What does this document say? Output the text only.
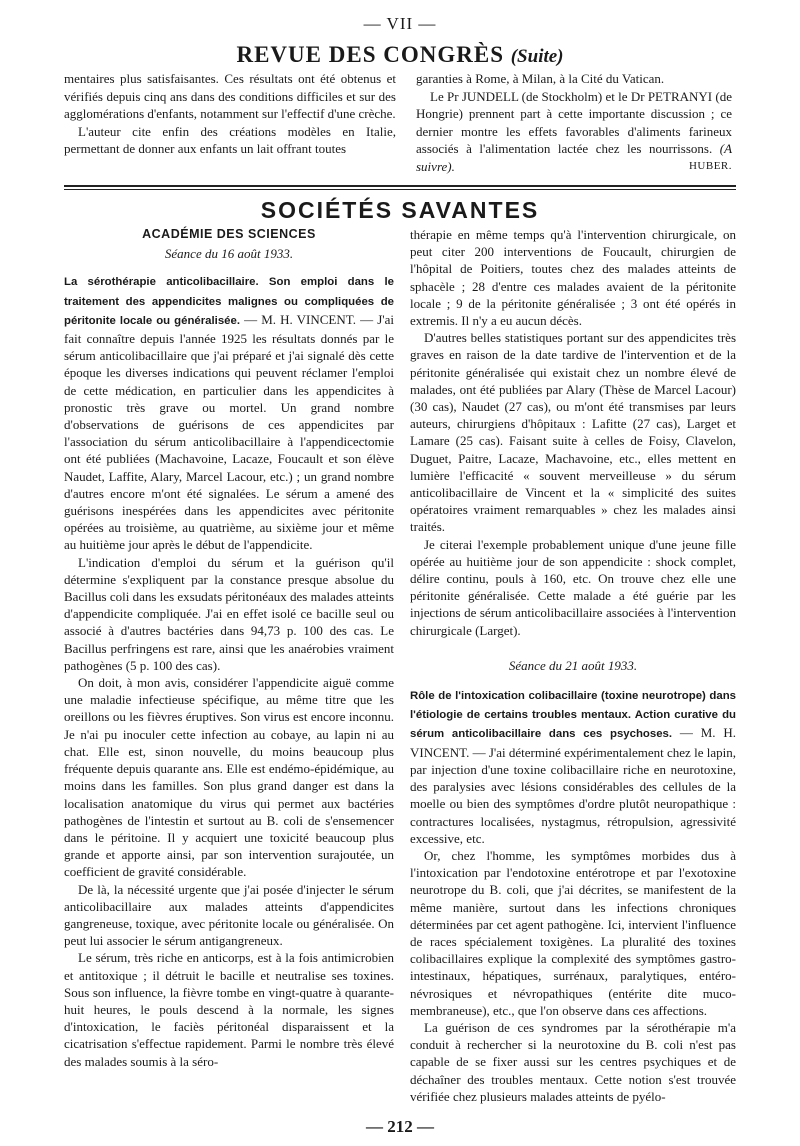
— VII —
REVUE DES CONGRÈS (Suite)

mentaires plus satisfaisantes. Ces résultats ont été obtenus et vérifiés depuis cinq ans dans des conditions difficiles et sur des agglomérations d'enfants, notamment sur l'effectif d'une crèche.

L'auteur cite enfin des créations modèles en Italie, permettant de donner aux enfants un lait offrant toutes

garanties à Rome, à Milan, à la Cité du Vatican.

Le Pr JUNDELL (de Stockholm) et le Dr PETRANYI (de Hongrie) prennent part à cette importante discussion ; ce dernier montre les effets favorables d'aliments farineux associés à l'alimentation lactée chez les nourrissons. (A suivre).	HUBER.

SOCIÉTÉS SAVANTES
ACADÉMIE DES SCIENCES
Séance du 16 août 1933.

La sérothérapie anticolibacillaire. Son emploi dans le traitement des appendicites malignes ou compliquées de péritonite locale ou généralisée. — M. H. VINCENT. — J'ai fait connaître depuis l'année 1925 les résultats donnés par le sérum anticolibacillaire que j'ai préparé et j'ai signalé dès cette époque les diverses indications qui peuvent réclamer l'emploi de cette médication, en particulier dans les appendicites à pronostic très grave ou mortel. Un grand nombre d'observations de guérisons de ces appendicites par l'association du sérum anticolibacillaire à l'appendicectomie ont été publiées (Machavoine, Lacaze, Foucault et son élève Naudet, Laffite, Alary, Marcel Lacour, etc.) ; un grand nombre d'autres encore m'ont été signalées. Le sérum a amené des guérisons inespérées dans les appendicites avec péritonite opérées au troisième, au quatrième, au sixième jour et même au huitième jour après le début de l'appendicite.

L'indication d'emploi du sérum et la guérison qu'il détermine s'expliquent par la constance presque absolue du Bacillus coli dans les exsudats péritonéaux des malades atteints d'appendicite compliquée. J'ai en effet isolé ce bacille seul ou associé à d'autres bactéries dans 94,73 p. 100 des cas. Le Bacillus perfringens est rare, ainsi que les anaérobies vraiment pathogènes (5 p. 100 des cas).

On doit, à mon avis, considérer l'appendicite aiguë comme une maladie infectieuse spécifique, au même titre que les oreillons ou les fièvres éruptives. Son virus est encore inconnu. Je n'ai pu inoculer cette infection au cobaye, au lapin ni au chat. Elle est, sinon nouvelle, du moins beaucoup plus fréquente depuis quarante ans. Elle est endémo-épidémique, au moins dans les familles. Son plus grand danger est dans la localisation anatomique du virus qui permet aux bactéries pathogènes de l'intestin et surtout au B. coli de s'ensemencer dans le péritoine. Il y acquiert une toxicité beaucoup plus grande et apporte ainsi, par son intervention surajoutée, un coefficient de gravité considérable.

De là, la nécessité urgente que j'ai posée d'injecter le sérum anticolibacillaire aux malades atteints d'appendicites gangreneuse, toxique, avec péritonite locale ou généralisée. On peut lui associer le sérum antigangreneux.

Le sérum, très riche en anticorps, est à la fois antimicrobien et antitoxique ; il détruit le bacille et neutralise ses toxines. Sous son influence, la fièvre tombe en vingt-quatre à quarante-huit heures, le pouls descend à la normale, les signes d'intoxication, le faciès péritonéal disparaissent et la cicatrisation s'effectue rapidement. Parmi le nombre très élevé des malades soumis à la séro-

thérapie en même temps qu'à l'intervention chirurgicale, on peut citer 200 interventions de Foucault, chirurgien de l'hôpital de Poitiers, toutes chez des malades atteints de sphacèle ; 28 d'entre ces malades avaient de la péritonite locale ; 9 de la péritonite généralisée ; 3 ont été opérés in extremis. Il n'y a eu aucun décès.

D'autres belles statistiques portant sur des appendicites très graves en raison de la date tardive de l'intervention et de la péritonite généralisée qui existait chez un nombre élevé de malades, ont été publiées par Alary (Thèse de Marcel Lacour) (30 cas), Naudet (27 cas), ou m'ont été transmises par leurs auteurs, chirurgiens d'hôpitaux : Lafitte (27 cas), Larget et Lamare (25 cas). Faisant suite à celles de Foisy, Clavelon, Duguet, Paitre, Lacaze, Machavoine, etc., elles mettent en lumière l'efficacité « souvent merveilleuse » du sérum anticolibacillaire de Vincent et la « simplicité des suites opératoires vraiment remarquables » chez les malades ainsi traités.

Je citerai l'exemple probablement unique d'une jeune fille opérée au huitième jour de son appendicite : shock complet, délire continu, pouls à 160, etc. On trouve chez elle une péritonite généralisée. Cette malade a été guérie par les injections de sérum anticolibacillaire associées à l'intervention chirurgicale (Larget).

Séance du 21 août 1933.

Rôle de l'intoxication colibacillaire (toxine neurotrope) dans l'étiologie de certains troubles mentaux. Action curative du sérum anticolibacillaire dans ces psychoses. — M. H. VINCENT. — J'ai déterminé expérimentalement chez le lapin, par injection d'une toxine colibacillaire riche en neurotoxine, des paralysies avec lésions considérables des cellules de la moelle ou bien des symptômes d'ordre plutôt neuropathique : contractures localisées, nystagmus, rétropulsion, agressivité excessive, etc.

Or, chez l'homme, les symptômes morbides dus à l'intoxication par l'endotoxine entérotrope et par l'exotoxine neurotrope du B. coli, que j'ai décrites, se manifestent de la même manière, surtout dans les infections chroniques déterminées par cet agent pathogène. Ici, intervient l'influence de races spécialement toxigènes. La pluralité des toxines colibacillaires explique la complexité des symptômes gastro-intestinaux, hépatiques, surrénaux, paralytiques, entéro-névrosiques et névropathiques (entérite dite muco-membraneuse), etc., que l'on observe dans ces affections.

La guérison de ces syndromes par la sérothérapie m'a conduit à rechercher si la neurotoxine du B. coli n'est pas capable de se fixer aussi sur les centres psychiques et de déchaîner des troubles mentaux. Cette notion s'est trouvée vérifiée chez plusieurs malades atteints de pyélo-

— 212 —
